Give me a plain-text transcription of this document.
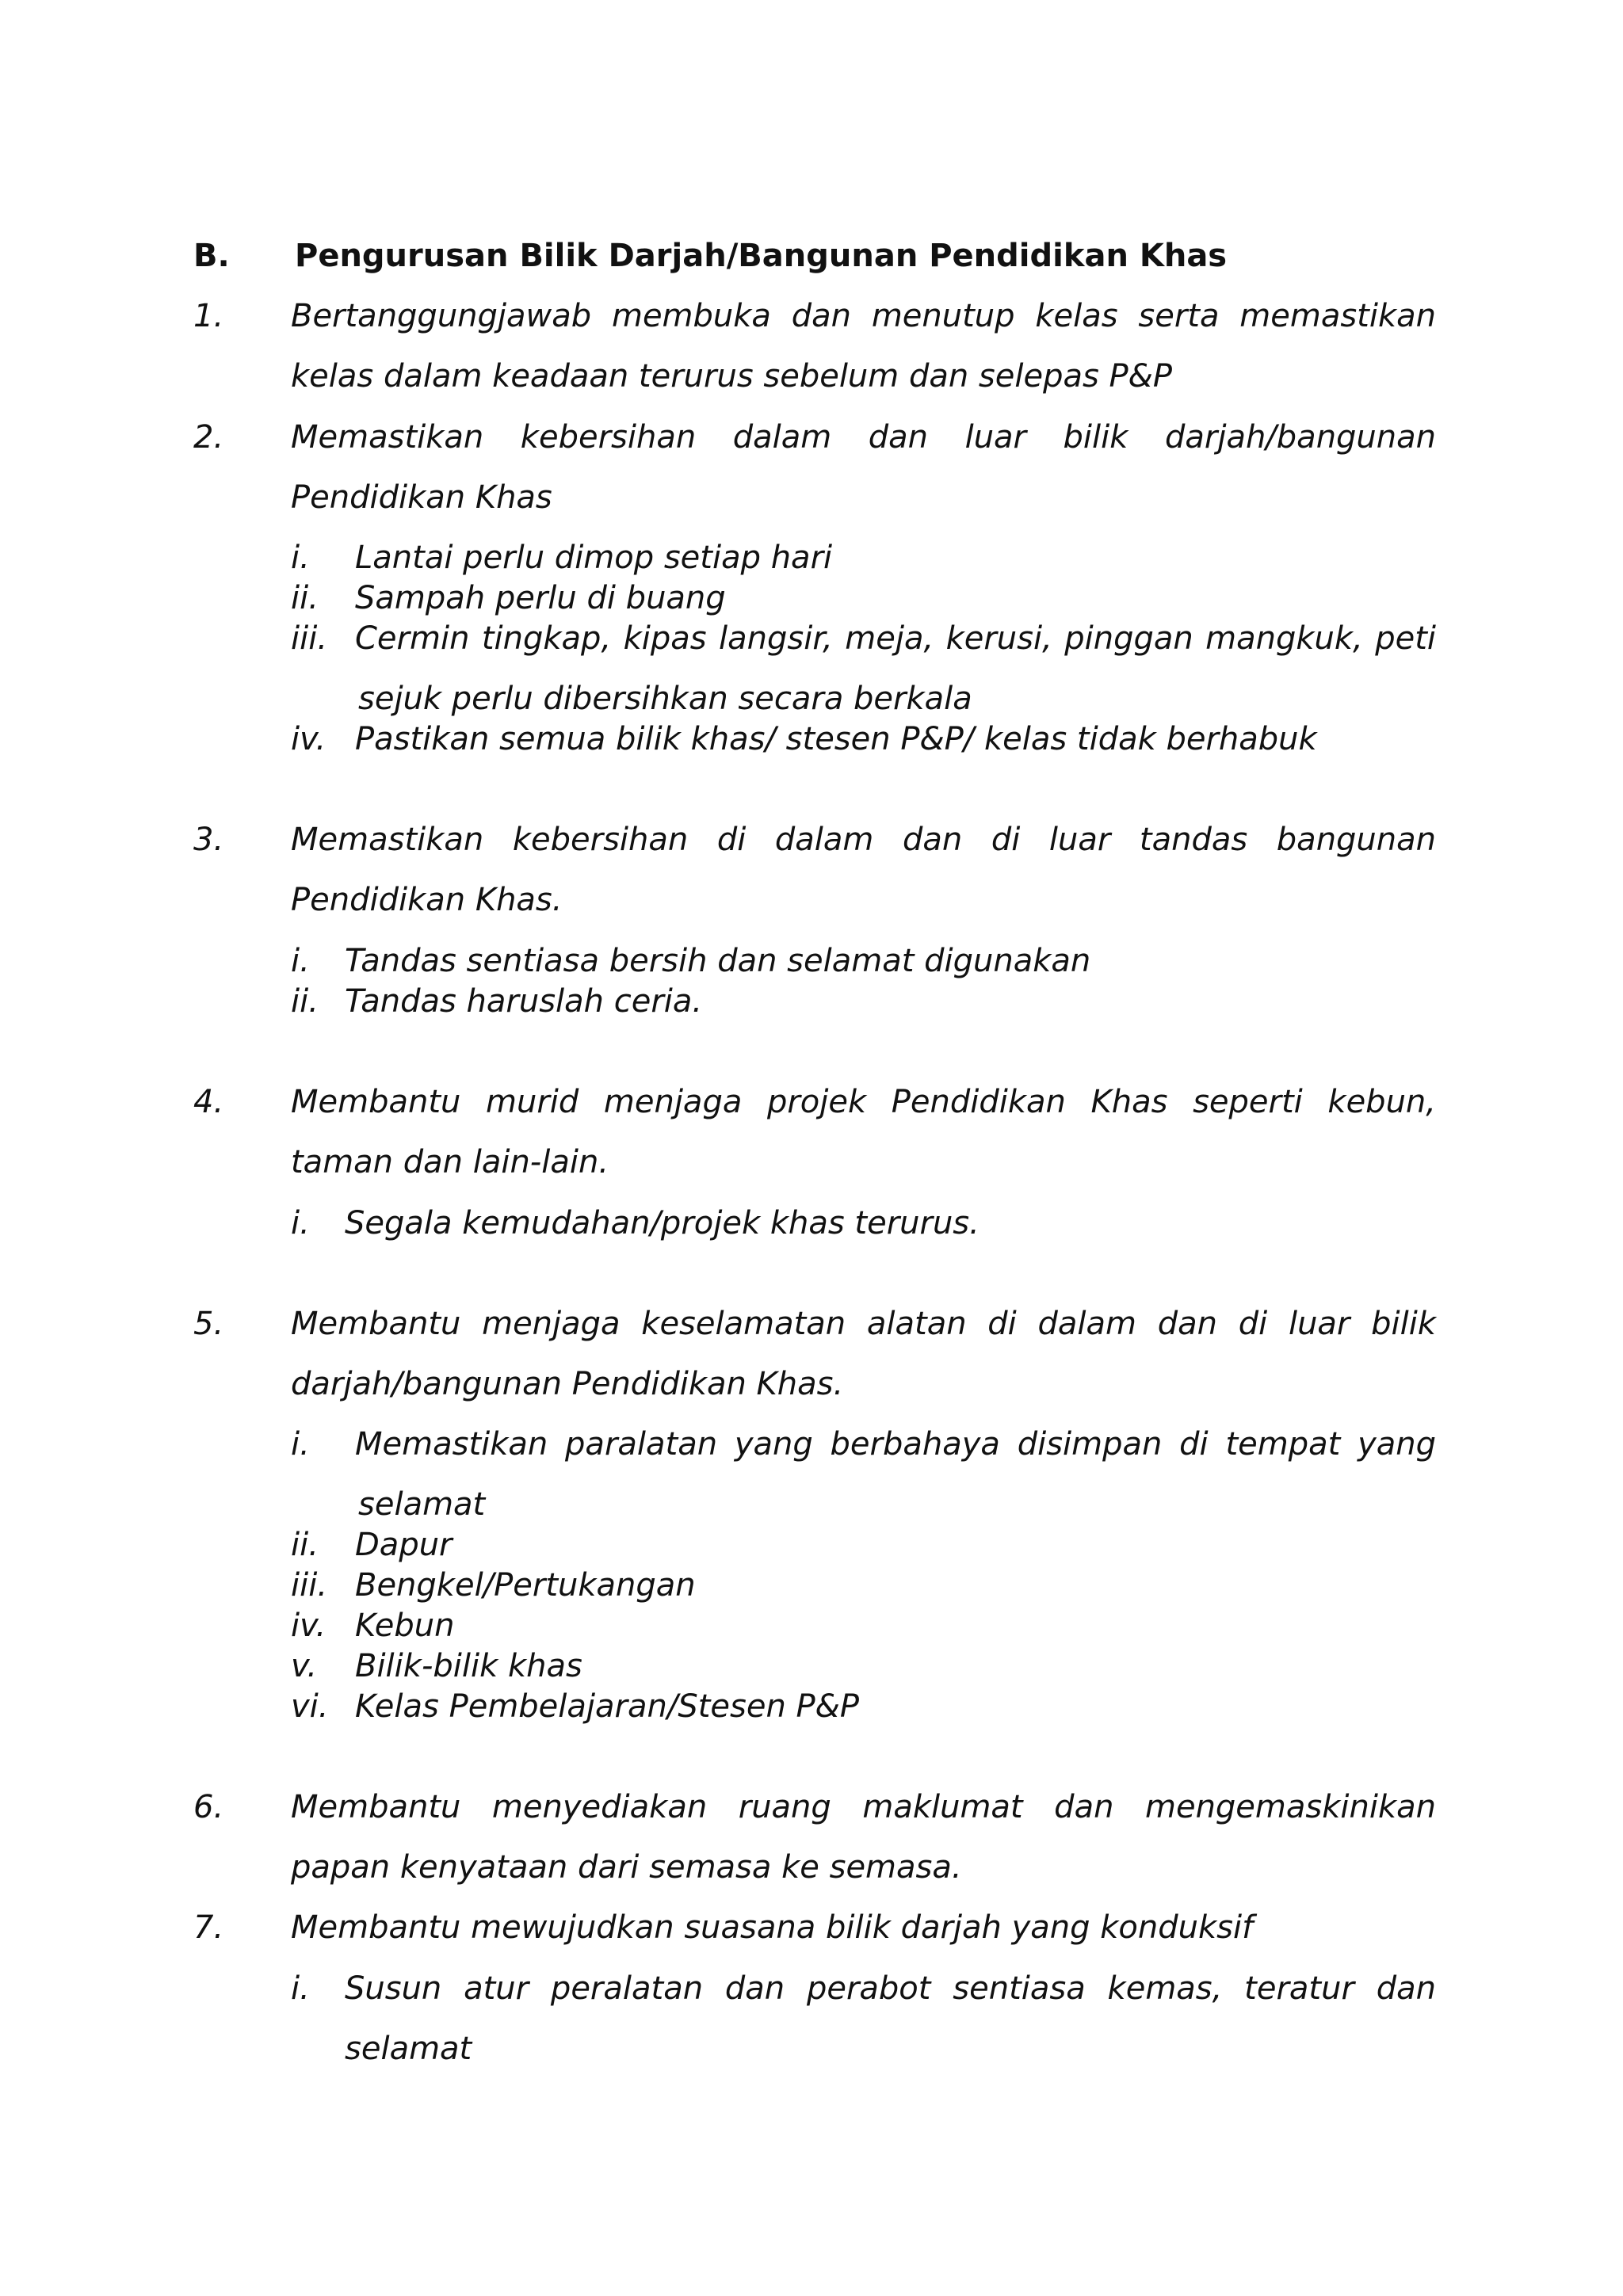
B. Pengurusan Bilik Darjah/Bangunan Pendidikan Khas
1. Bertanggungjawab membuka dan menutup kelas serta memastikan
kelas dalam keadaan terurus sebelum dan selepas P&P
2. Memastikan kebersihan dalam dan luar bilik darjah/bangunan
Pendidikan Khas
i. Lantai perlu dimop setiap hari
ii. Sampah perlu di buang
iii. Cermin tingkap, kipas langsir, meja, kerusi, pinggan mangkuk, peti
sejuk perlu dibersihkan secara berkala
iv. Pastikan semua bilik khas/ stesen P&P/ kelas tidak berhabuk
3. Memastikan kebersihan di dalam dan di luar tandas bangunan
Pendidikan Khas.
i. Tandas sentiasa bersih dan selamat digunakan
ii. Tandas haruslah ceria.
4. Membantu murid menjaga projek Pendidikan Khas seperti kebun,
taman dan lain-lain.
i. Segala kemudahan/projek khas terurus.
5. Membantu menjaga keselamatan alatan di dalam dan di luar bilik
darjah/bangunan Pendidikan Khas.
i. Memastikan paralatan yang berbahaya disimpan di tempat yang
selamat
ii. Dapur
iii. Bengkel/Pertukangan
iv. Kebun
v. Bilik-bilik khas
vi. Kelas Pembelajaran/Stesen P&P
6. Membantu menyediakan ruang maklumat dan mengemaskinikan
papan kenyataan dari semasa ke semasa.
7. Membantu mewujudkan suasana bilik darjah yang konduksif
i. Susun atur peralatan dan perabot sentiasa kemas, teratur dan
selamat
